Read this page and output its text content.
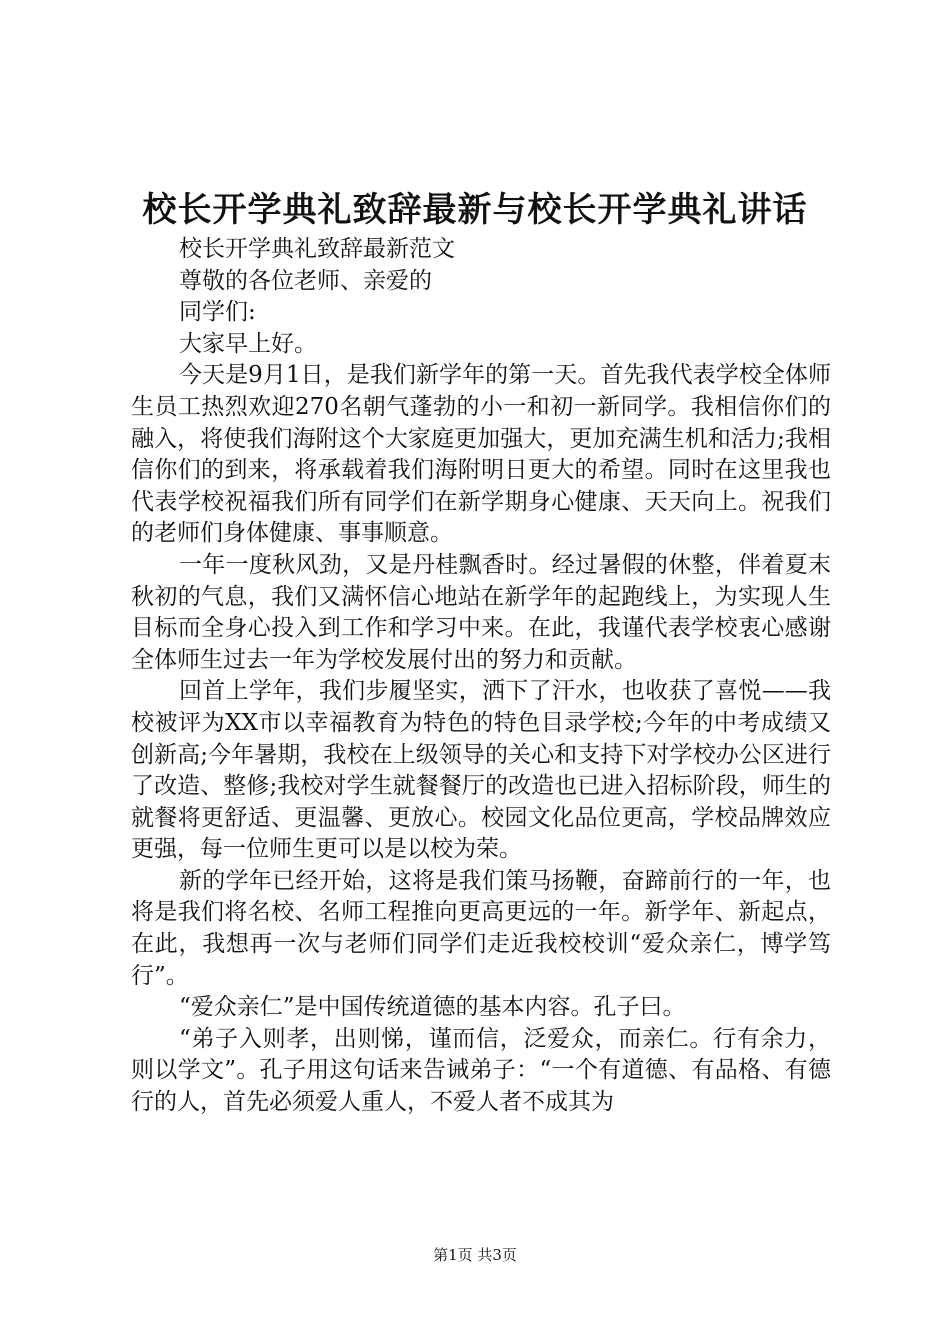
校长开学典礼致辞最新与校长开学典礼讲话

校长开学典礼致辞最新范文

尊敬的各位老师、亲爱的

同学们:

大家早上好。

今天是9月1日，是我们新学年的第一天。首先我代表学校全体师生员工热烈欢迎270名朝气蓬勃的小一和初一新同学。我相信你们的融入，将使我们海附这个大家庭更加强大，更加充满生机和活力;我相信你们的到来，将承载着我们海附明日更大的希望。同时在这里我也代表学校祝福我们所有同学们在新学期身心健康、天天向上。祝我们的老师们身体健康、事事顺意。

一年一度秋风劲，又是丹桂飘香时。经过暑假的休整，伴着夏末秋初的气息，我们又满怀信心地站在新学年的起跑线上，为实现人生目标而全身心投入到工作和学习中来。在此，我谨代表学校衷心感谢全体师生过去一年为学校发展付出的努力和贡献。

回首上学年，我们步履坚实，洒下了汗水，也收获了喜悦——我校被评为XX市以幸福教育为特色的特色目录学校;今年的中考成绩又创新高;今年暑期，我校在上级领导的关心和支持下对学校办公区进行了改造、整修;我校对学生就餐餐厅的改造也已进入招标阶段，师生的就餐将更舒适、更温馨、更放心。校园文化品位更高，学校品牌效应更强，每一位师生更可以是以校为荣。

新的学年已经开始，这将是我们策马扬鞭，奋蹄前行的一年，也将是我们将名校、名师工程推向更高更远的一年。新学年、新起点，在此，我想再一次与老师们同学们走近我校校训“爱众亲仁，博学笃行”。

“爱众亲仁”是中国传统道德的基本内容。孔子曰。

“弟子入则孝，出则悌，谨而信，泛爱众，而亲仁。行有余力，则以学文”。孔子用这句话来告诫弟子：“一个有道德、有品格、有德行的人，首先必须爱人重人，不爱人者不成其为

第1页 共3页
